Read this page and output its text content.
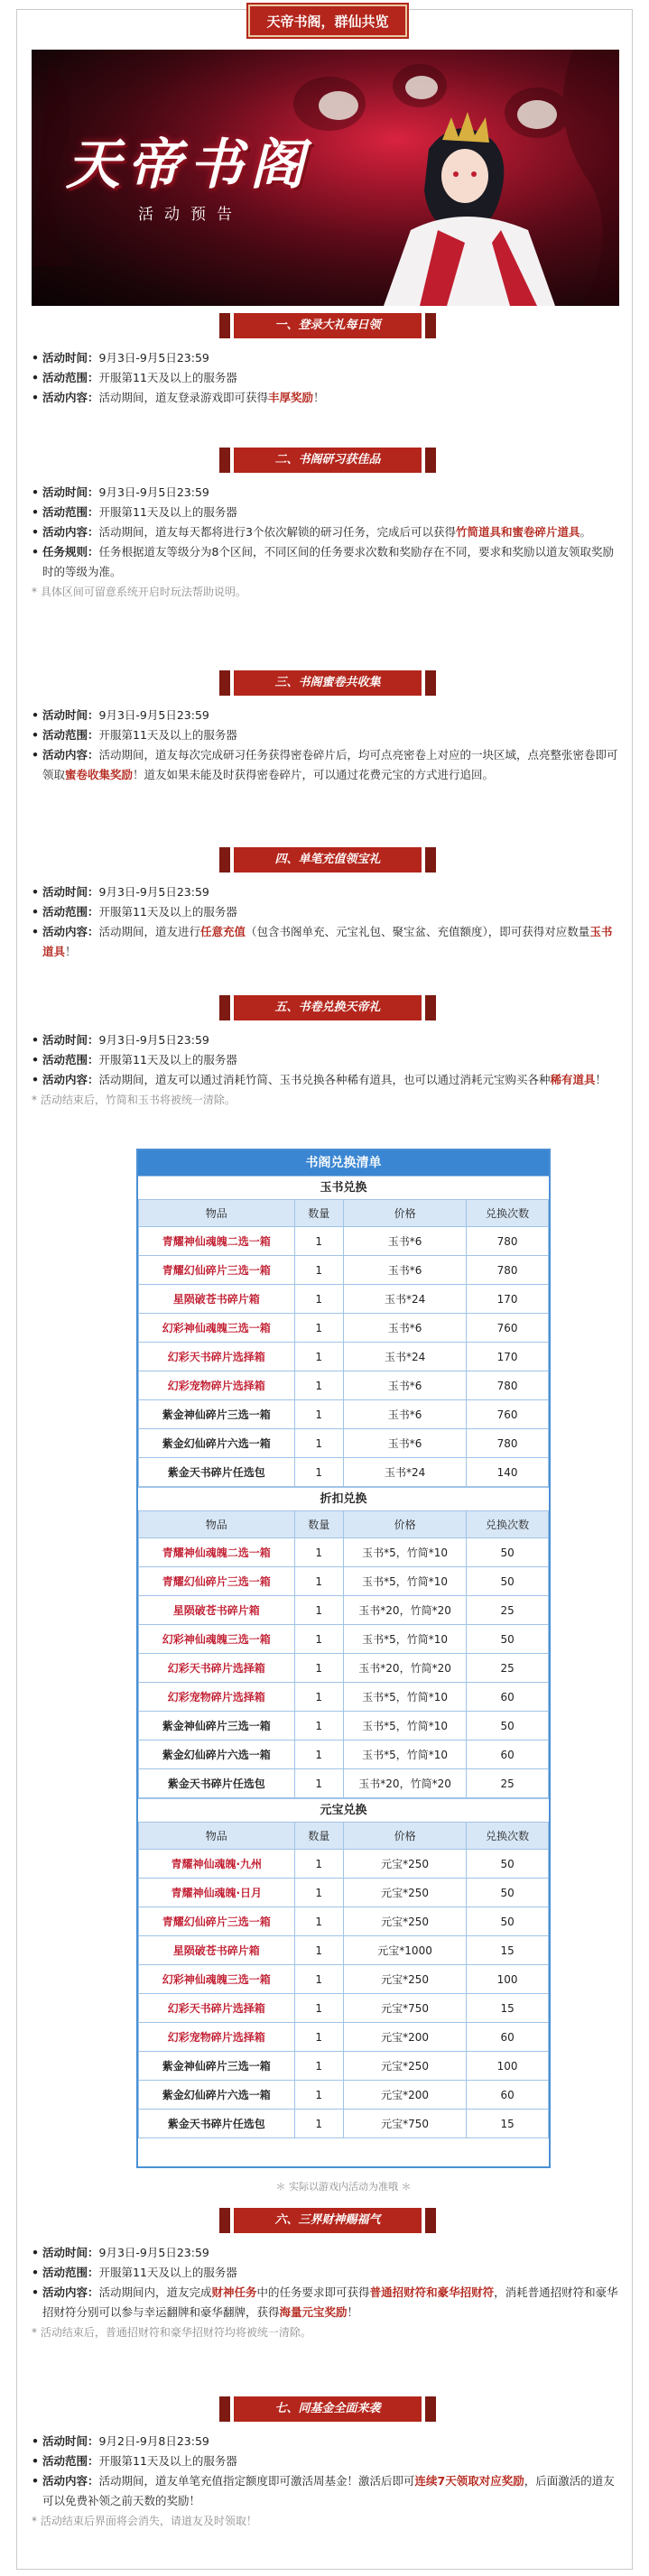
天帝书阁，群仙共览
天帝书阁
活动预告
一、登录大礼每日领
• 活动时间：9月3日-9月5日23:59
• 活动范围：开服第11天及以上的服务器
• 活动内容：活动期间，道友登录游戏即可获得丰厚奖励！
二、书阁研习获佳品
• 活动时间：9月3日-9月5日23:59
• 活动范围：开服第11天及以上的服务器
• 活动内容：活动期间，道友每天都将进行3个依次解锁的研习任务，完成后可以获得竹简道具和蜜卷碎片道具。
• 任务规则：任务根据道友等级分为8个区间，不同区间的任务要求次数和奖励存在不同，要求和奖励以道友领取奖励时的等级为准。
* 具体区间可留意系统开启时玩法帮助说明。
三、书阁蜜卷共收集
• 活动时间：9月3日-9月5日23:59
• 活动范围：开服第11天及以上的服务器
• 活动内容：活动期间，道友每次完成研习任务获得密卷碎片后，均可点亮密卷上对应的一块区域，点亮整张密卷即可领取蜜卷收集奖励！道友如果未能及时获得密卷碎片，可以通过花费元宝的方式进行追回。
四、单笔充值领宝礼
• 活动时间：9月3日-9月5日23:59
• 活动范围：开服第11天及以上的服务器
• 活动内容：活动期间，道友进行任意充值（包含书阁单充、元宝礼包、聚宝盆、充值额度），即可获得对应数量玉书道具！
五、书卷兑换天帝礼
• 活动时间：9月3日-9月5日23:59
• 活动范围：开服第11天及以上的服务器
• 活动内容：活动期间，道友可以通过消耗竹简、玉书兑换各种稀有道具，也可以通过消耗元宝购买各种稀有道具！
* 活动结束后，竹简和玉书将被统一清除。
书阁兑换清单
玉书兑换
物品	数量	价格	兑换次数
青耀神仙魂魄二选一箱	1	玉书*6	780
青耀幻仙碎片三选一箱	1	玉书*6	780
星陨破苍书碎片箱	1	玉书*24	170
幻彩神仙魂魄三选一箱	1	玉书*6	760
幻彩天书碎片选择箱	1	玉书*24	170
幻彩宠物碎片选择箱	1	玉书*6	780
紫金神仙碎片三选一箱	1	玉书*6	760
紫金幻仙碎片六选一箱	1	玉书*6	780
紫金天书碎片任选包	1	玉书*24	140
折扣兑换
物品	数量	价格	兑换次数
青耀神仙魂魄二选一箱	1	玉书*5，竹简*10	50
青耀幻仙碎片三选一箱	1	玉书*5，竹简*10	50
星陨破苍书碎片箱	1	玉书*20，竹简*20	25
幻彩神仙魂魄三选一箱	1	玉书*5，竹简*10	50
幻彩天书碎片选择箱	1	玉书*20，竹简*20	25
幻彩宠物碎片选择箱	1	玉书*5，竹简*10	60
紫金神仙碎片三选一箱	1	玉书*5，竹简*10	50
紫金幻仙碎片六选一箱	1	玉书*5，竹简*10	60
紫金天书碎片任选包	1	玉书*20，竹简*20	25
元宝兑换
物品	数量	价格	兑换次数
青耀神仙魂魄·九州	1	元宝*250	50
青耀神仙魂魄·日月	1	元宝*250	50
青耀幻仙碎片三选一箱	1	元宝*250	50
星陨破苍书碎片箱	1	元宝*1000	15
幻彩神仙魂魄三选一箱	1	元宝*250	100
幻彩天书碎片选择箱	1	元宝*750	15
幻彩宠物碎片选择箱	1	元宝*200	60
紫金神仙碎片三选一箱	1	元宝*250	100
紫金幻仙碎片六选一箱	1	元宝*200	60
紫金天书碎片任选包	1	元宝*750	15
＊ 实际以游戏内活动为准哦 ＊
六、三界财神赐福气
• 活动时间：9月3日-9月5日23:59
• 活动范围：开服第11天及以上的服务器
• 活动内容：活动期间内，道友完成财神任务中的任务要求即可获得普通招财符和豪华招财符，消耗普通招财符和豪华招财符分别可以参与幸运翻牌和豪华翻牌，获得海量元宝奖励！
* 活动结束后，普通招财符和豪华招财符均将被统一清除。
七、同基金全面来袭
• 活动时间：9月2日-9月8日23:59
• 活动范围：开服第11天及以上的服务器
• 活动内容：活动期间，道友单笔充值指定额度即可激活周基金！激活后即可连续7天领取对应奖励，后面激活的道友可以免费补领之前天数的奖励！
* 活动结束后界面将会消失，请道友及时领取！
